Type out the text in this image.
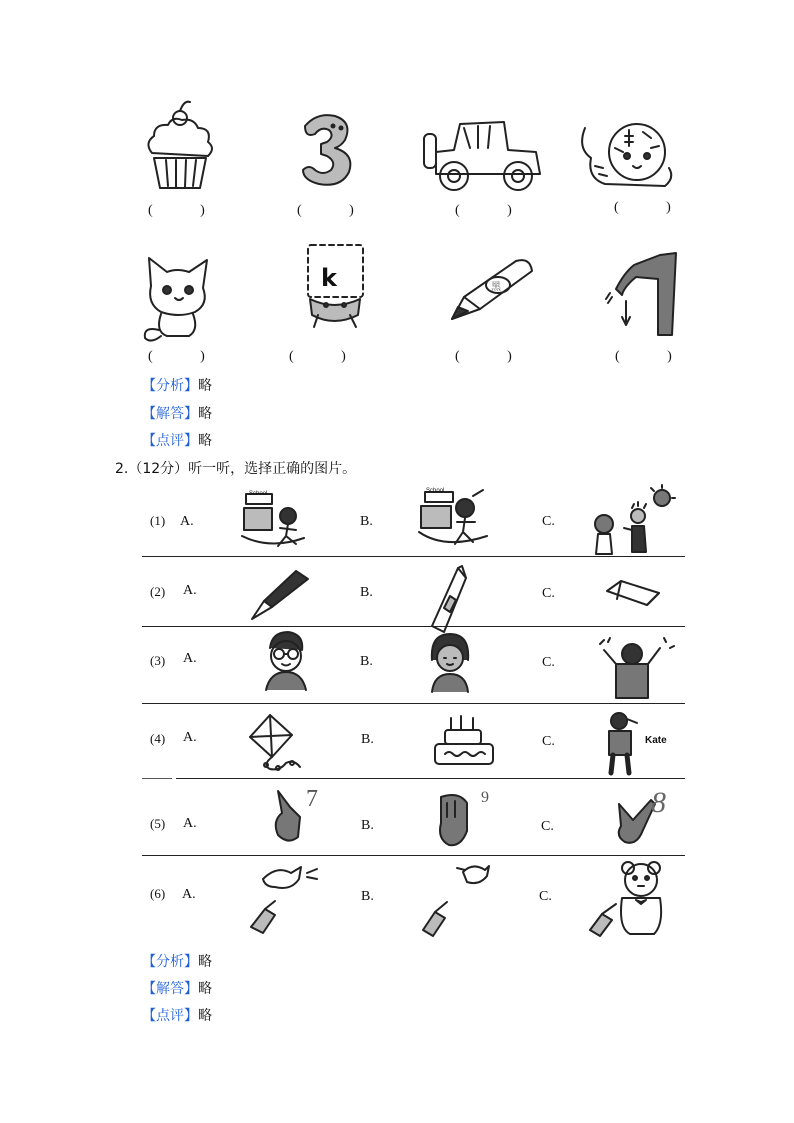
( )	( )	( )	( )
k	黑
( )	( )	( )	( )
【分析】略
【解答】略
【点评】略
2.（12分）听一听，选择正确的图片。
(1) A.	B.	C.
School	School
(2) A.	B.	C.
(3) A.	B.	C.
(4) A.	B.	C.	Kate
(5) A.	B.	C.
7	9	8
(6) A.	B.	C.
【分析】略
【解答】略
【点评】略
